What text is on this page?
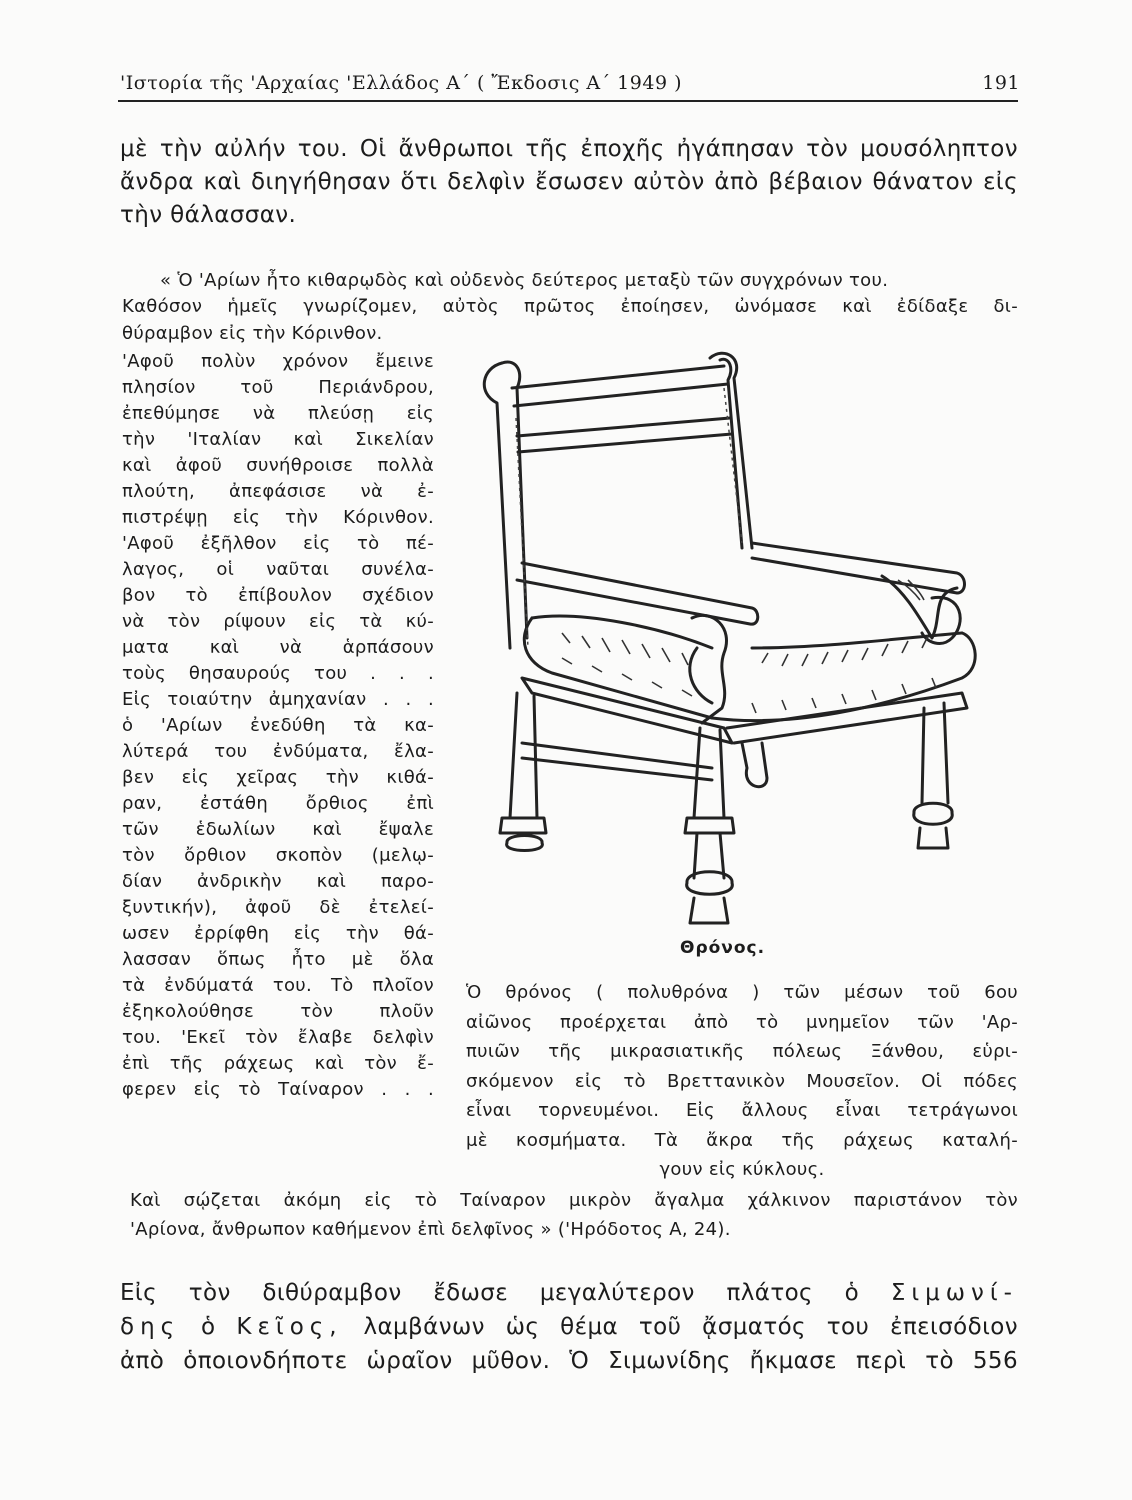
'Ιστορία τῆς 'Αρχαίας 'Ελλάδος Α΄ ( Ἔκδοσις Α΄ 1949 )	191
μὲ τὴν αὐλήν του. Οἱ ἄνθρωποι τῆς ἐποχῆς ἠγάπησαν τὸν μουσόληπτον ἄνδρα καὶ διηγήθησαν ὅτι δελφὶν ἔσωσεν αὐτὸν ἀπὸ βέβαιον θάνατον εἰς τὴν θάλασσαν.
« Ὁ 'Αρίων ἦτο κιθαρῳδὸς καὶ οὐδενὸς δεύτερος μεταξὺ τῶν συγχρόνων του.
Καθόσον ἡμεῖς γνωρίζομεν, αὐτὸς πρῶτος ἐποίησεν, ὠνόμασε καὶ ἐδίδαξε δι-
θύραμβον εἰς τὴν Κόρινθον.
'Αφοῦ πολὺν χρόνον ἔμεινε
πλησίον τοῦ Περιάνδρου,
ἐπεθύμησε νὰ πλεύσῃ εἰς
τὴν 'Ιταλίαν καὶ Σικελίαν
καὶ ἀφοῦ συνήθροισε πολλὰ
πλούτη, ἀπεφάσισε νὰ ἐ-
πιστρέψῃ εἰς τὴν Κόρινθον.
'Αφοῦ ἐξῆλθον εἰς τὸ πέ-
λαγος, οἱ ναῦται συνέλα-
βον τὸ ἐπίβουλον σχέδιον
νὰ τὸν ρίψουν εἰς τὰ κύ-
ματα καὶ νὰ ἁρπάσουν
τοὺς θησαυρούς του . . .
Εἰς τοιαύτην ἀμηχανίαν . . .
ὁ 'Αρίων ἐνεδύθη τὰ κα-
λύτερά του ἐνδύματα, ἔλα-
βεν εἰς χεῖρας τὴν κιθά-
ραν, ἐστάθη ὄρθιος ἐπὶ
τῶν ἑδωλίων καὶ ἔψαλε
τὸν ὄρθιον σκοπὸν (μελῳ-
δίαν ἀνδρικὴν καὶ παρο-
ξυντικήν), ἀφοῦ δὲ ἐτελεί-
ωσεν ἐρρίφθη εἰς τὴν θά-
λασσαν ὅπως ἦτο μὲ ὅλα
τὰ ἐνδύματά του. Τὸ πλοῖον
ἐξηκολούθησε τὸν πλοῦν
του. 'Εκεῖ τὸν ἔλαβε δελφὶν
ἐπὶ τῆς ράχεως καὶ τὸν ἔ-
φερεν εἰς τὸ Ταίναρον . . .
Θρόνος.
Ὁ θρόνος ( πολυθρόνα ) τῶν μέσων τοῦ 6ου
αἰῶνος προέρχεται ἀπὸ τὸ μνημεῖον τῶν 'Αρ-
πυιῶν τῆς μικρασιατικῆς πόλεως Ξάνθου, εὑρι-
σκόμενον εἰς τὸ Βρεττανικὸν Μουσεῖον. Οἱ πόδες
εἶναι τορνευμένοι. Εἰς ἄλλους εἶναι τετράγωνοι
μὲ κοσμήματα. Τὰ ἄκρα τῆς ράχεως καταλή-
γουν εἰς κύκλους.
Καὶ σῴζεται ἀκόμη εἰς τὸ Ταίναρον μικρὸν ἄγαλμα χάλκινον παριστάνον τὸν
'Αρίονα, ἄνθρωπον καθήμενον ἐπὶ δελφῖνος » ('Ηρόδοτος Α, 24).
Εἰς τὸν διθύραμβον ἔδωσε μεγαλύτερον πλάτος ὁ Σιμωνί-
δης ὁ Κεῖος, λαμβάνων ὡς θέμα τοῦ ᾄσματός του ἐπεισόδιον
ἀπὸ ὁποιονδήποτε ὡραῖον μῦθον. Ὁ Σιμωνίδης ἤκμασε περὶ τὸ 556
